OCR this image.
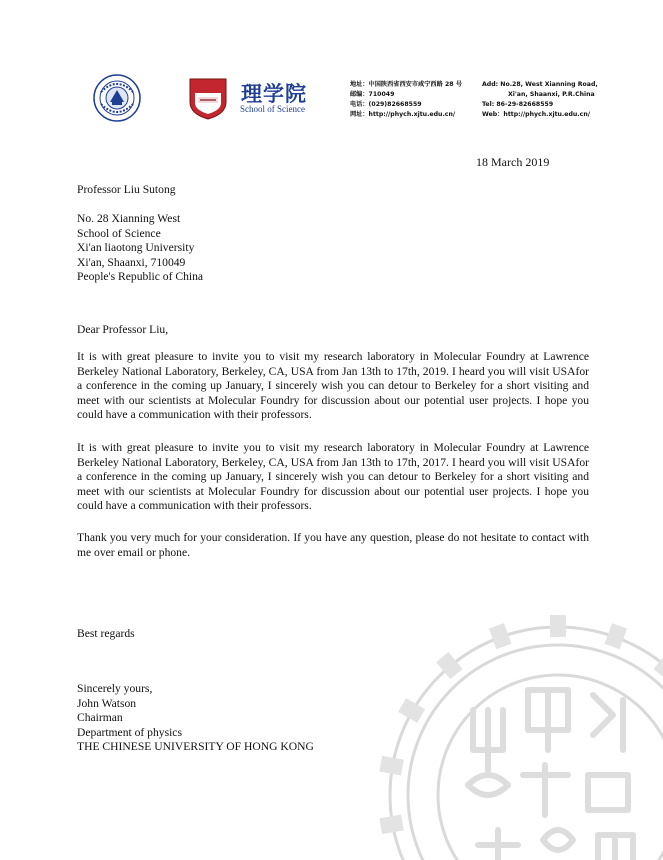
理学院
School of Science
地址：中国陕西省西安市咸宁西路 28 号
邮编：710049
电话：(029)82668559
网址：http://phych.xjtu.edu.cn/
Add: No.28, West Xianning Road,
Xi'an, Shaanxi, P.R.China
Tel: 86-29-82668559
Web：http://phych.xjtu.edu.cn/
18 March 2019
Professor Liu Sutong
No. 28 Xianning West
School of Science
Xi'an liaotong University
Xi'an, Shaanxi, 710049
People's Republic of China
Dear Professor Liu,
It is with great pleasure to invite you to visit my research laboratory in Molecular Foundry at Lawrence Berkeley National Laboratory, Berkeley, CA, USA from Jan 13th to 17th, 2019. I heard you will visit USAfor a conference in the coming up January, I sincerely wish you can detour to Berkeley for a short visiting and meet with our scientists at Molecular Foundry for discussion about our potential user projects. I hope you could have a communication with their professors.
It is with great pleasure to invite you to visit my research laboratory in Molecular Foundry at Lawrence Berkeley National Laboratory, Berkeley, CA, USA from Jan 13th to 17th, 2017. I heard you will visit USAfor a conference in the coming up January, I sincerely wish you can detour to Berkeley for a short visiting and meet with our scientists at Molecular Foundry for discussion about our potential user projects. I hope you could have a communication with their professors.
Thank you very much for your consideration. If you have any question, please do not hesitate to contact with me over email or phone.
Best regards
Sincerely yours,
John Watson
Chairman
Department of physics
THE CHINESE UNIVERSITY OF HONG KONG
